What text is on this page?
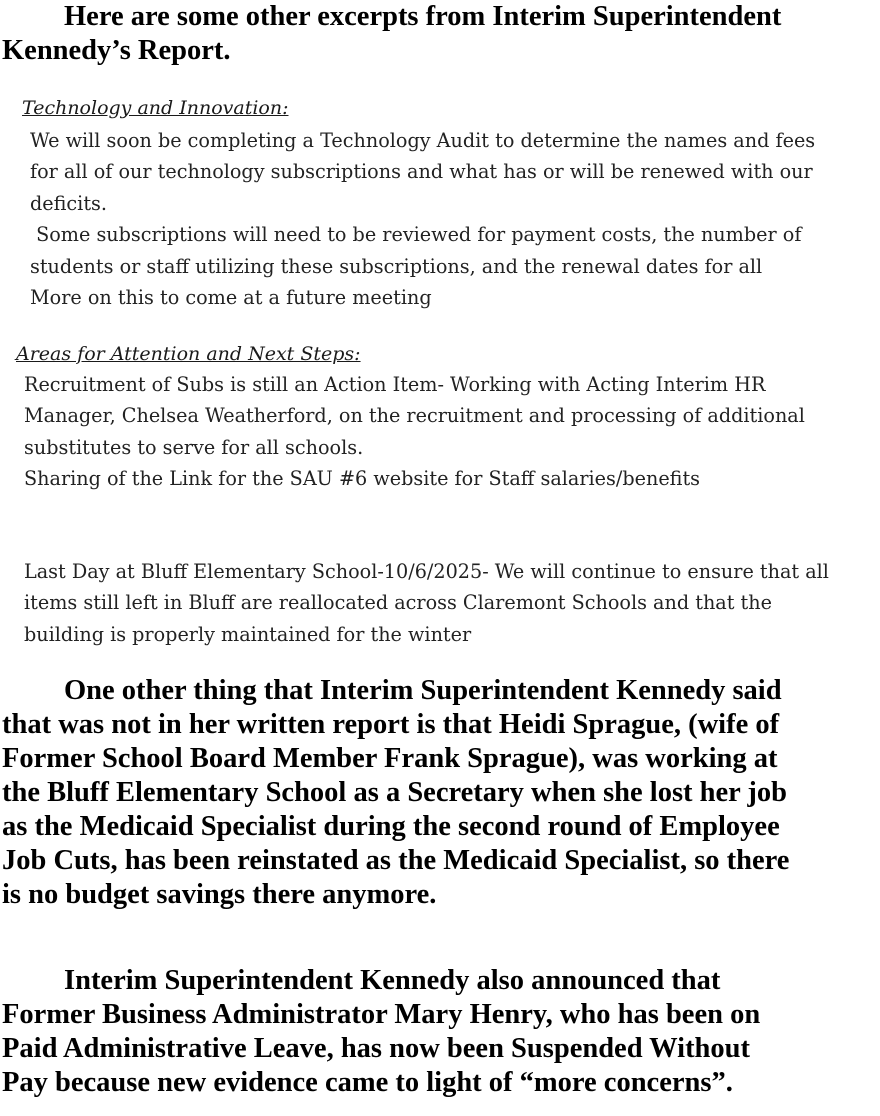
Here are some other excerpts from Interim Superintendent
Kennedy’s Report.
Technology and Innovation:
We will soon be completing a Technology Audit to determine the names and fees
for all of our technology subscriptions and what has or will be renewed with our
deficits.
Some subscriptions will need to be reviewed for payment costs, the number of
students or staff utilizing these subscriptions, and the renewal dates for all
More on this to come at a future meeting
Areas for Attention and Next Steps:
Recruitment of Subs is still an Action Item- Working with Acting Interim HR
Manager, Chelsea Weatherford, on the recruitment and processing of additional
substitutes to serve for all schools.
Sharing of the Link for the SAU #6 website for Staff salaries/benefits
Last Day at Bluff Elementary School-10/6/2025- We will continue to ensure that all
items still left in Bluff are reallocated across Claremont Schools and that the
building is properly maintained for the winter
One other thing that Interim Superintendent Kennedy said
that was not in her written report is that Heidi Sprague, (wife of
Former School Board Member Frank Sprague), was working at
the Bluff Elementary School as a Secretary when she lost her job
as the Medicaid Specialist during the second round of Employee
Job Cuts, has been reinstated as the Medicaid Specialist, so there
is no budget savings there anymore.
Interim Superintendent Kennedy also announced that
Former Business Administrator Mary Henry, who has been on
Paid Administrative Leave, has now been Suspended Without
Pay because new evidence came to light of “more concerns”.
